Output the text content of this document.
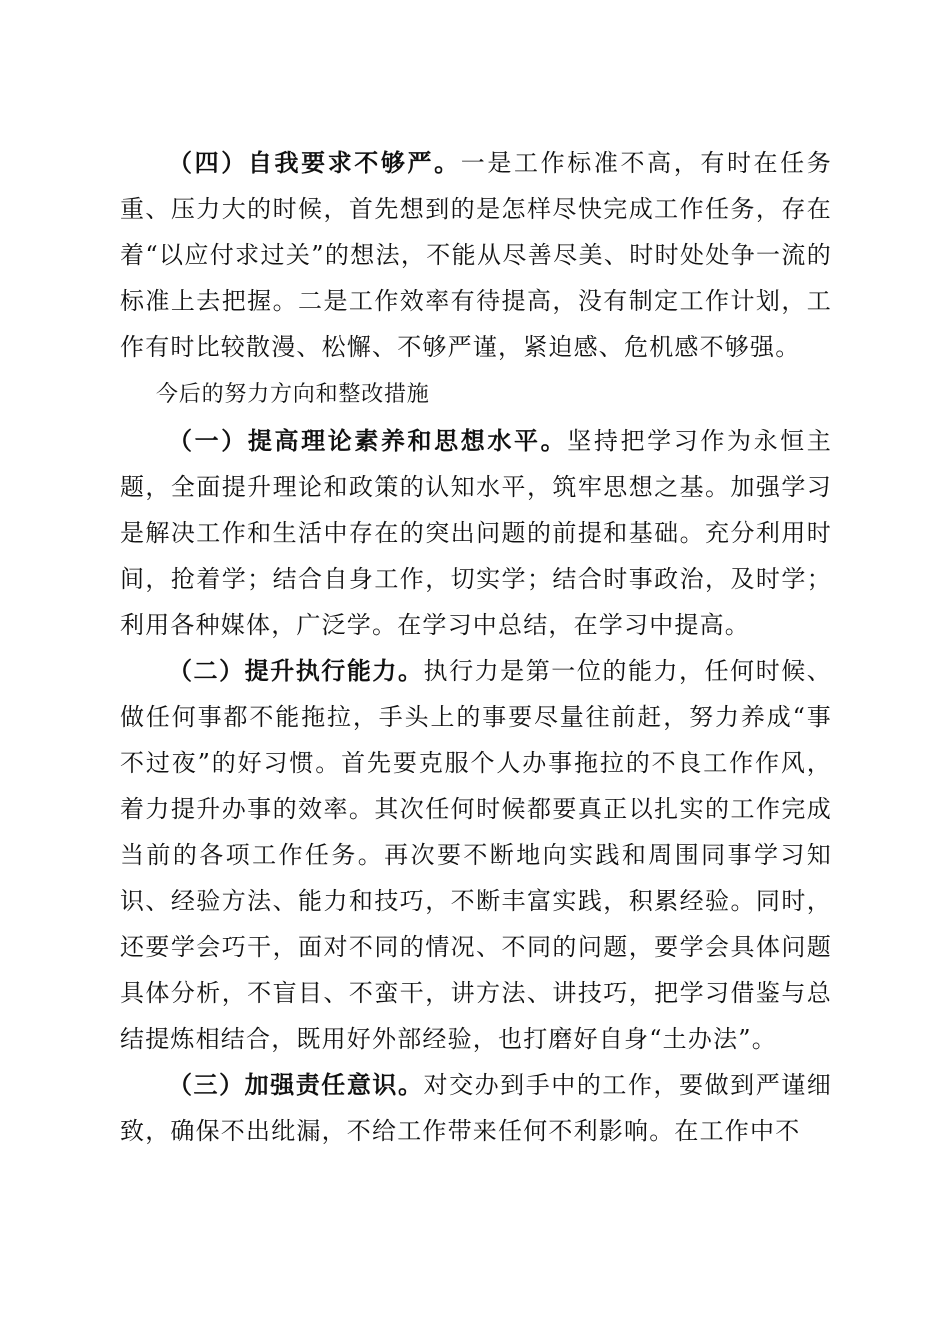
（四）自我要求不够严。一是工作标准不高，有时在任务重、压力大的时候，首先想到的是怎样尽快完成工作任务，存在着“以应付求过关”的想法，不能从尽善尽美、时时处处争一流的标准上去把握。二是工作效率有待提高，没有制定工作计划，工作有时比较散漫、松懈、不够严谨，紧迫感、危机感不够强。

今后的努力方向和整改措施

（一）提高理论素养和思想水平。坚持把学习作为永恒主题，全面提升理论和政策的认知水平，筑牢思想之基。加强学习是解决工作和生活中存在的突出问题的前提和基础。充分利用时间，抢着学；结合自身工作，切实学；结合时事政治，及时学；利用各种媒体，广泛学。在学习中总结，在学习中提高。

（二）提升执行能力。执行力是第一位的能力，任何时候、做任何事都不能拖拉，手头上的事要尽量往前赶，努力养成“事不过夜”的好习惯。首先要克服个人办事拖拉的不良工作作风，着力提升办事的效率。其次任何时候都要真正以扎实的工作完成当前的各项工作任务。再次要不断地向实践和周围同事学习知识、经验方法、能力和技巧，不断丰富实践，积累经验。同时，还要学会巧干，面对不同的情况、不同的问题，要学会具体问题具体分析，不盲目、不蛮干，讲方法、讲技巧，把学习借鉴与总结提炼相结合，既用好外部经验，也打磨好自身“土办法”。

（三）加强责任意识。对交办到手中的工作，要做到严谨细致，确保不出纰漏，不给工作带来任何不利影响。在工作中不
